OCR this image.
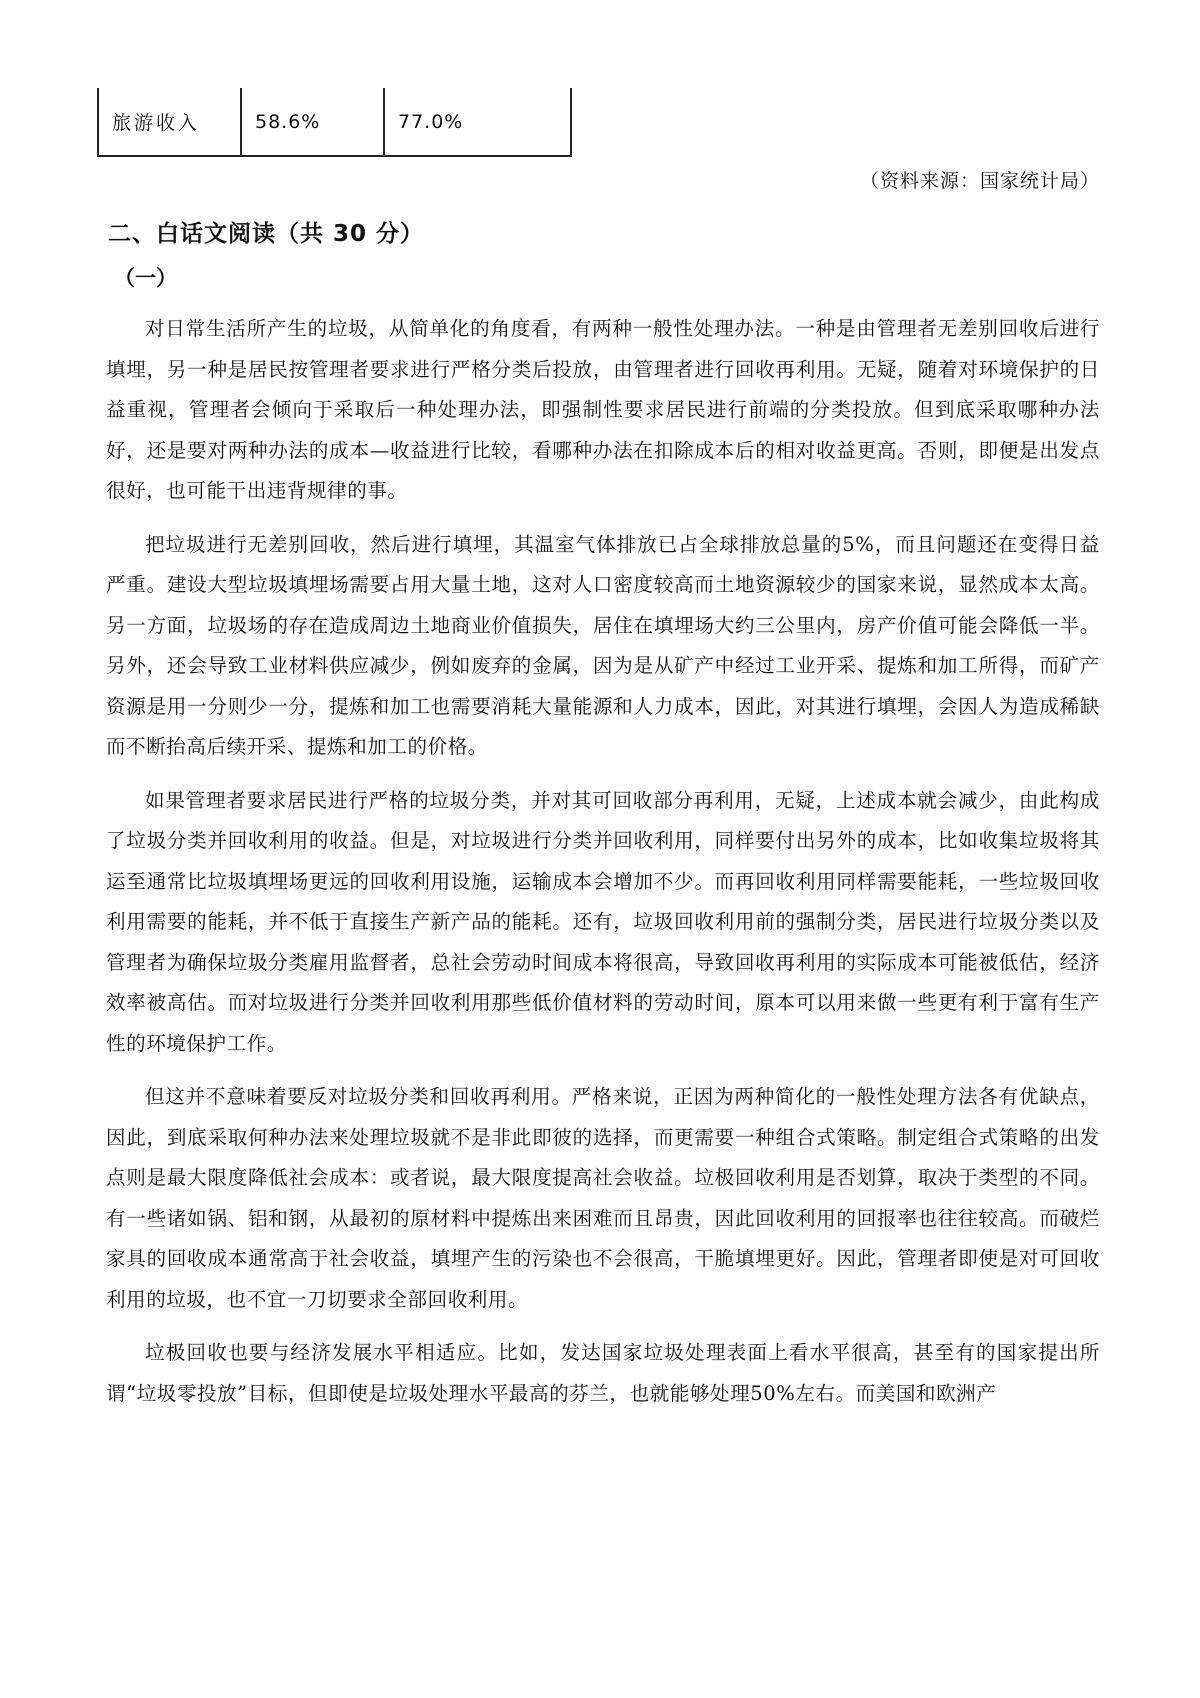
旅游收入	58.6%	77.0%
（资料来源：国家统计局）
二、白话文阅读（共 30 分）
（一）

对日常生活所产生的垃圾，从简单化的角度看，有两种一般性处理办法。一种是由管理者无差别回收后进行填埋，另一种是居民按管理者要求进行严格分类后投放，由管理者进行回收再利用。无疑，随着对环境保护的日益重视，管理者会倾向于采取后一种处理办法，即强制性要求居民进行前端的分类投放。但到底采取哪种办法好，还是要对两种办法的成本—收益进行比较，看哪种办法在扣除成本后的相对收益更高。否则，即便是出发点很好，也可能干出违背规律的事。

把垃圾进行无差别回收，然后进行填埋，其温室气体排放已占全球排放总量的5%，而且问题还在变得日益严重。建设大型垃圾填埋场需要占用大量土地，这对人口密度较高而土地资源较少的国家来说，显然成本太高。另一方面，垃圾场的存在造成周边土地商业价值损失，居住在填埋场大约三公里内，房产价值可能会降低一半。另外，还会导致工业材料供应减少，例如废弃的金属，因为是从矿产中经过工业开采、提炼和加工所得，而矿产资源是用一分则少一分，提炼和加工也需要消耗大量能源和人力成本，因此，对其进行填埋，会因人为造成稀缺而不断抬高后续开采、提炼和加工的价格。

如果管理者要求居民进行严格的垃圾分类，并对其可回收部分再利用，无疑，上述成本就会减少，由此构成了垃圾分类并回收利用的收益。但是，对垃圾进行分类并回收利用，同样要付出另外的成本，比如收集垃圾将其运至通常比垃圾填埋场更远的回收利用设施，运输成本会增加不少。而再回收利用同样需要能耗，一些垃圾回收利用需要的能耗，并不低于直接生产新产品的能耗。还有，垃圾回收利用前的强制分类，居民进行垃圾分类以及管理者为确保垃圾分类雇用监督者，总社会劳动时间成本将很高，导致回收再利用的实际成本可能被低估，经济效率被高估。而对垃圾进行分类并回收利用那些低价值材料的劳动时间，原本可以用来做一些更有利于富有生产性的环境保护工作。

但这并不意味着要反对垃圾分类和回收再利用。严格来说，正因为两种简化的一般性处理方法各有优缺点，因此，到底采取何种办法来处理垃圾就不是非此即彼的选择，而更需要一种组合式策略。制定组合式策略的出发点则是最大限度降低社会成本：或者说，最大限度提高社会收益。垃极回收利用是否划算，取决于类型的不同。有一些诸如锅、铝和钢，从最初的原材料中提炼出来困难而且昂贵，因此回收利用的回报率也往往较高。而破烂家具的回收成本通常高于社会收益，填埋产生的污染也不会很高，干脆填埋更好。因此，管理者即使是对可回收利用的垃圾，也不宜一刀切要求全部回收利用。

垃极回收也要与经济发展水平相适应。比如，发达国家垃圾处理表面上看水平很高，甚至有的国家提出所谓“垃圾零投放”目标，但即使是垃圾处理水平最高的芬兰，也就能够处理50%左右。而美国和欧洲产
